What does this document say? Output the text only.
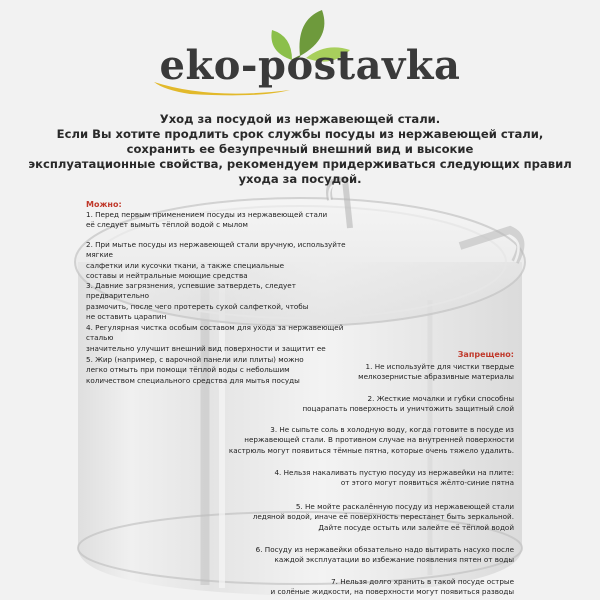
eko-postavka

Уход за посудой из нержавеющей стали.

Если Вы хотите продлить срок службы посуды из нержавеющей стали,

сохранить ее безупречный внешний вид и высокие

эксплуатационные свойства, рекомендуем придерживаться следующих правил

ухода за посудой.

Можно:

1. Перед первым применением посуды из нержавеющей стали
её следует вымыть тёплой водой с мылом

2. При мытье посуды из нержавеющей стали вручную, используйте мягкие
салфетки или кусочки ткани, а также специальные
составы и нейтральные моющие средства

3. Давние загрязнения, успевшие затвердеть, следует предварительно
размочить, после чего протереть сухой салфеткой, чтобы
не оставить царапин

4. Регулярная чистка особым составом для ухода за нержавеющей сталью
значительно улучшит внешний вид поверхности и защитит ее

5. Жир (например, с варочной панели или плиты) можно
легко отмыть при помощи тёплой воды с небольшим
количеством специального средства для мытья посуды

Запрещено:

1. Не используйте для чистки твердые
мелкозернистые абразивные материалы

2. Жесткие мочалки и губки способны
поцарапать поверхность и уничтожить защитный слой

3. Не сыпьте соль в холодную воду, когда готовите в посуде из
нержавеющей стали. В противном случае на внутренней поверхности
кастрюль могут появиться тёмные пятна, которые очень тяжело удалить.

4. Нельзя накаливать пустую посуду из нержавейки на плите:
от этого могут появиться жёлто-синие пятна

5. Не мойте раскалённую посуду из нержавеющей стали
ледяной водой, иначе её поверхность перестанет быть зеркальной.
Дайте посуде остыть или залейте её тёплой водой

6. Посуду из нержавейки обязательно надо вытирать насухо после
каждой эксплуатации во избежание появления пятен от воды

7. Нельзя долго хранить в такой посуде острые
и солёные жидкости, на поверхности могут появиться разводы
